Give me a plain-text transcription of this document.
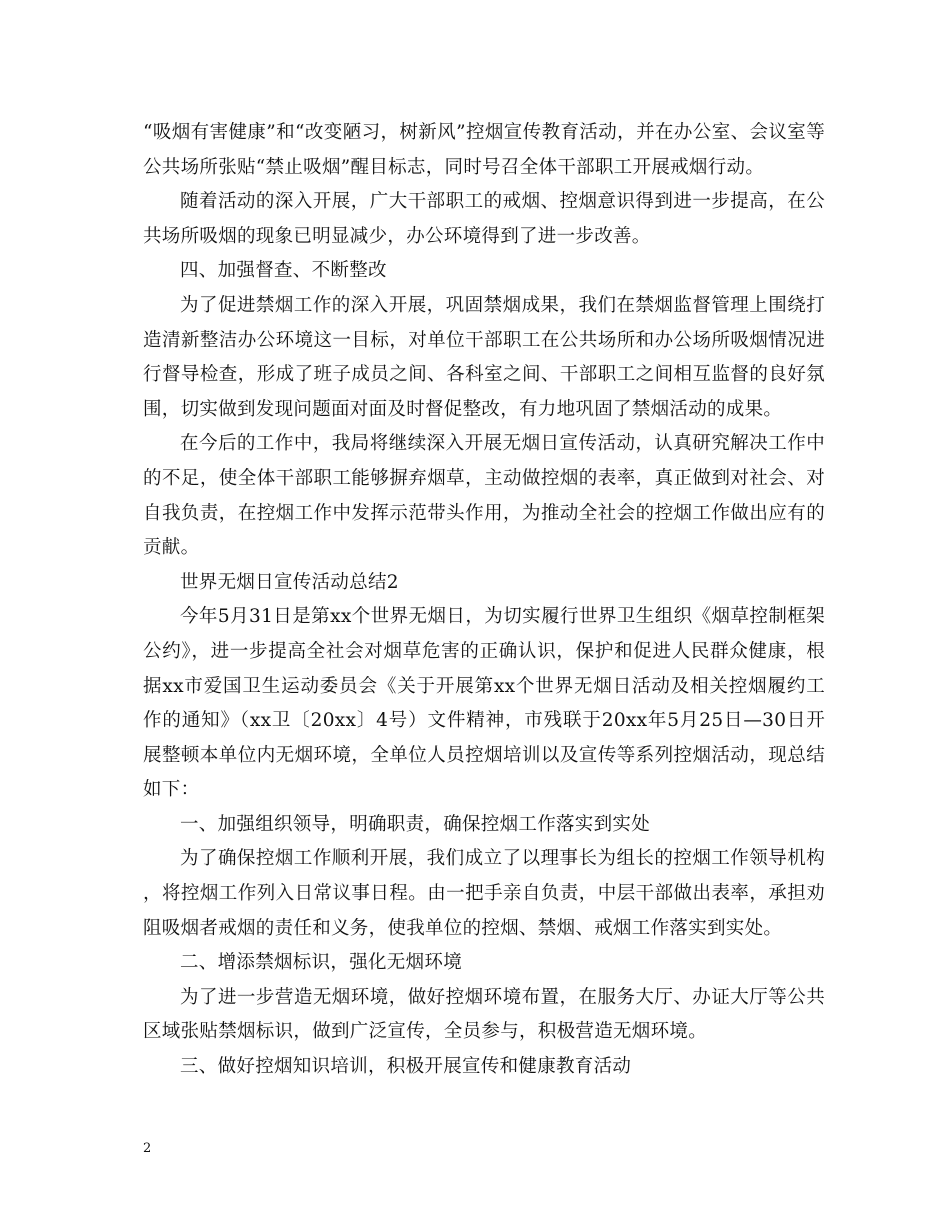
“吸烟有害健康”和“改变陋习，树新风”控烟宣传教育活动，并在办公室、会议室等公共场所张贴“禁止吸烟”醒目标志，同时号召全体干部职工开展戒烟行动。

随着活动的深入开展，广大干部职工的戒烟、控烟意识得到进一步提高，在公共场所吸烟的现象已明显减少，办公环境得到了进一步改善。

四、加强督查、不断整改

为了促进禁烟工作的深入开展，巩固禁烟成果，我们在禁烟监督管理上围绕打造清新整洁办公环境这一目标，对单位干部职工在公共场所和办公场所吸烟情况进行督导检查，形成了班子成员之间、各科室之间、干部职工之间相互监督的良好氛围，切实做到发现问题面对面及时督促整改，有力地巩固了禁烟活动的成果。

在今后的工作中，我局将继续深入开展无烟日宣传活动，认真研究解决工作中的不足，使全体干部职工能够摒弃烟草，主动做控烟的表率，真正做到对社会、对自我负责，在控烟工作中发挥示范带头作用，为推动全社会的控烟工作做出应有的贡献。

世界无烟日宣传活动总结2

今年5月31日是第xx个世界无烟日，为切实履行世界卫生组织《烟草控制框架公约》，进一步提高全社会对烟草危害的正确认识，保护和促进人民群众健康，根据xx市爱国卫生运动委员会《关于开展第xx个世界无烟日活动及相关控烟履约工作的通知》（xx卫〔20xx〕4号）文件精神，市残联于20xx年5月25日—30日开展整顿本单位内无烟环境，全单位人员控烟培训以及宣传等系列控烟活动，现总结如下：

一、加强组织领导，明确职责，确保控烟工作落实到实处

为了确保控烟工作顺利开展，我们成立了以理事长为组长的控烟工作领导机构，将控烟工作列入日常议事日程。由一把手亲自负责，中层干部做出表率，承担劝阻吸烟者戒烟的责任和义务，使我单位的控烟、禁烟、戒烟工作落实到实处。

二、增添禁烟标识，强化无烟环境

为了进一步营造无烟环境，做好控烟环境布置，在服务大厅、办证大厅等公共区域张贴禁烟标识，做到广泛宣传，全员参与，积极营造无烟环境。

三、做好控烟知识培训，积极开展宣传和健康教育活动

2
